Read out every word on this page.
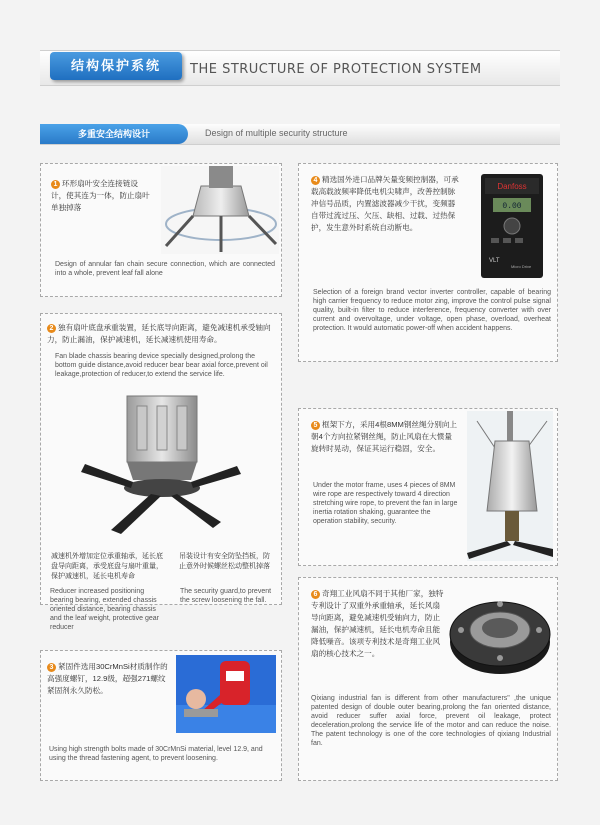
结构保护系统	THE STRUCTURE OF PROTECTION SYSTEM
多重安全结构设计	Design of multiple security structure
1 环形扇叶安全连接链设计，使其连为一体，防止扇叶单独掉落
Design of annular fan chain secure connection, which are connected into a whole, prevent leaf fall alone
4 精选国外进口品牌矢量变频控制器，可承载高载波频率降低电机尖啸声，改善控制脉冲信号品质，内置滤波器减少干扰，变频器自带过流过压、欠压、缺相、过载、过热保护，发生意外时系统自动断电。
Danfoss
0.00
VLT
Micro Drive
Selection of a foreign brand vector inverter controller, capable of bearing high carrier frequency to reduce motor zing, improve the control pulse signal quality, built-in filter to reduce interference, frequency converter with over current and overvoltage, under voltage, open phase, overload, overheat protection. It would automatic power-off when accident happens.
2 独有扇叶底盘承重装置，延长底导向距离，避免减速机承受轴向力，防止漏油，保护减速机，延长减速机使用寿命。
Fan blade chassis bearing device specially designed,prolong the bottom guide distance,avoid reducer bear bear axial force,prevent oil leakage,protection of reducer,to extend the service life.
减速机外增加定位承重轴承，延长底盘导向距离，承受底盘与扇叶重量，保护减速机，延长电机寿命
吊装设计有安全防坠挡板，防止意外时候螺丝松动整机掉落
Reducer increased positioning bearing bearing, extended chassis oriented distance, bearing chassis and the leaf weight, protective gear reducer
The security guard,to prevent the screw loosening the fall.
5 框架下方，采用4根8MM钢丝绳分别向上朝4个方向拉紧钢丝绳，防止风扇在大惯量旋转时晃动，保证其运行稳固，安全。
Under the motor frame, uses 4 pieces of 8MM wire rope are respectively toward 4 direction stretching wire rope, to prevent the fan in large inertia rotation shaking, guarantee the operation stability, security.
6 奇翔工业风扇不同于其他厂家，独特专利设计了双重外承重轴承，延长风扇导向距离，避免减速机受轴向力，防止漏油，保护减速机，延长电机寿命且能降低噪音。该项专利技术是奇翔工业风扇的核心技术之一。
Qixiang industrial fan is different from other manufacturers" ,the unique patented design of double outer bearing,prolong the fan oriented distance, avoid reducer suffer axial force, prevent oil leakage, protect deceleration,prolong the service life of the motor and can reduce the noise. The patent technology is one of the core technologies of qixiang Industrial fan.
3 紧固件选用30CrMnSi材质制作的高强度螺钉，12.9级，超强271螺纹紧固剂永久防松。
Using high strength bolts made of 30CrMnSi material, level 12.9, and using the thread fastening agent, to prevent loosening.
